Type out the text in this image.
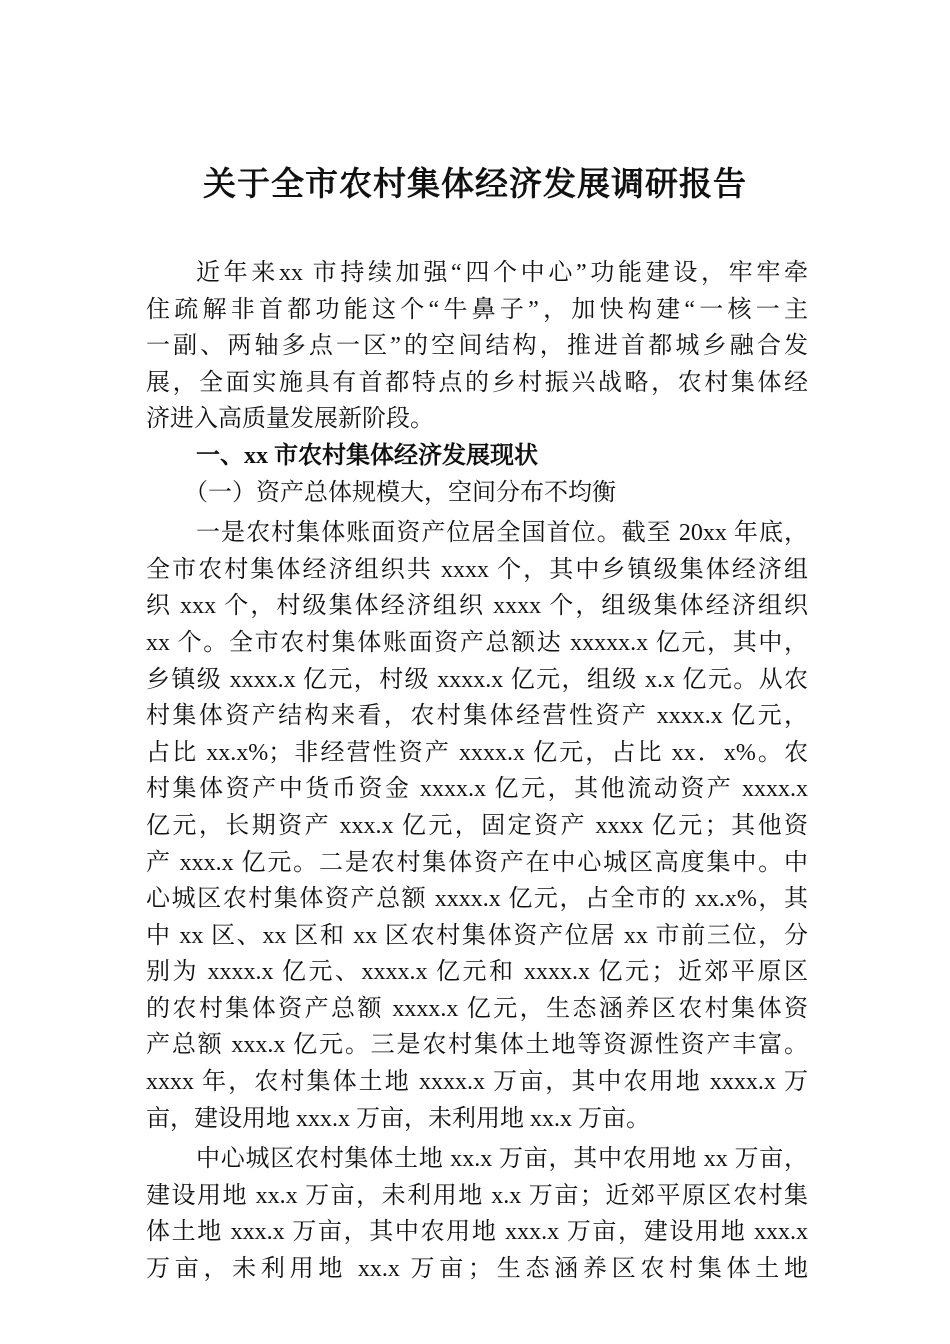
关于全市农村集体经济发展调研报告
近年来xx 市持续加强“四个中心”功能建设，牢牢牵
住疏解非首都功能这个“牛鼻子”，加快构建“一核一主
一副、两轴多点一区”的空间结构，推进首都城乡融合发
展，全面实施具有首都特点的乡村振兴战略，农村集体经
济进入高质量发展新阶段。
一、xx 市农村集体经济发展现状
（一）资产总体规模大，空间分布不均衡
一是农村集体账面资产位居全国首位。截至 20xx 年底，
全市农村集体经济组织共 xxxx 个，其中乡镇级集体经济组
织 xxx 个，村级集体经济组织 xxxx 个，组级集体经济组织
xx 个。全市农村集体账面资产总额达 xxxxx.x 亿元，其中，
乡镇级 xxxx.x 亿元，村级 xxxx.x 亿元，组级 x.x 亿元。从农
村集体资产结构来看，农村集体经营性资产 xxxx.x 亿元，
占比 xx.x%；非经营性资产 xxxx.x 亿元，占比 xx．x%。农
村集体资产中货币资金 xxxx.x 亿元，其他流动资产 xxxx.x
亿元，长期资产 xxx.x 亿元，固定资产 xxxx 亿元；其他资
产 xxx.x 亿元。二是农村集体资产在中心城区高度集中。中
心城区农村集体资产总额 xxxx.x 亿元，占全市的 xx.x%，其
中 xx 区、xx 区和 xx 区农村集体资产位居 xx 市前三位，分
别为 xxxx.x 亿元、xxxx.x 亿元和 xxxx.x 亿元；近郊平原区
的农村集体资产总额 xxxx.x 亿元，生态涵养区农村集体资
产总额 xxx.x 亿元。三是农村集体土地等资源性资产丰富。
xxxx 年，农村集体土地 xxxx.x 万亩，其中农用地 xxxx.x 万
亩，建设用地 xxx.x 万亩，未利用地 xx.x 万亩。
中心城区农村集体土地 xx.x 万亩，其中农用地 xx 万亩，
建设用地 xx.x 万亩，未利用地 x.x 万亩；近郊平原区农村集
体土地 xxx.x 万亩，其中农用地 xxx.x 万亩，建设用地 xxx.x
万亩，未利用地 xx.x 万亩；生态涵养区农村集体土地
